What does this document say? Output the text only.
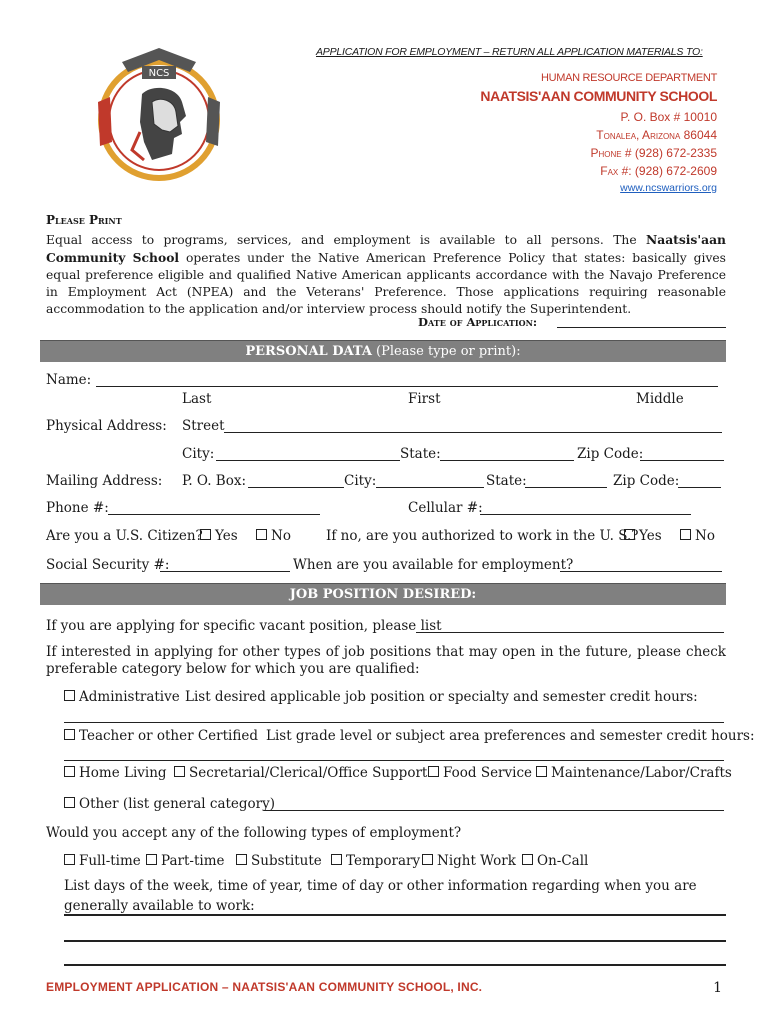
NCS
APPLICATION FOR EMPLOYMENT – RETURN ALL APPLICATION MATERIALS TO:
HUMAN RESOURCE DEPARTMENT
NAATSIS'AAN COMMUNITY SCHOOL
P. O. Box # 10010
Tonalea, Arizona 86044
Phone # (928) 672-2335
Fax #: (928) 672-2609
www.ncswarriors.org
Please Print
Equal access to programs, services, and employment is available to all persons. The Naatsis'aan Community School operates under the Native American Preference Policy that states: basically gives equal preference eligible and qualified Native American applicants accordance with the Navajo Preference in Employment Act (NPEA) and the Veterans' Preference. Those applications requiring reasonable accommodation to the application and/or interview process should notify the Superintendent.
Date of Application:
PERSONAL DATA (Please type or print):
Name:
Last	First	Middle
Physical Address: Street
City:	State:	Zip Code:
Mailing Address: P. O. Box:	City:	State:	Zip Code:
Phone #:	Cellular #:
Are you a U.S. Citizen? Yes	No	If no, are you authorized to work in the U. S.? Yes	No
Social Security #:	When are you available for employment?
JOB POSITION DESIRED:
If you are applying for specific vacant position, please list
If interested in applying for other types of job positions that may open in the future, please check preferable category below for which you are qualified:
Administrative List desired applicable job position or specialty and semester credit hours:
Teacher or other Certified List grade level or subject area preferences and semester credit hours:
Home Living	Secretarial/Clerical/Office Support	Food Service	Maintenance/Labor/Crafts
Other (list general category)
Would you accept any of the following types of employment?
Full-time	Part-time	Substitute	Temporary	Night Work	On-Call
List days of the week, time of year, time of day or other information regarding when you are generally available to work:
EMPLOYMENT APPLICATION – NAATSIS'AAN COMMUNITY SCHOOL, INC.	1
